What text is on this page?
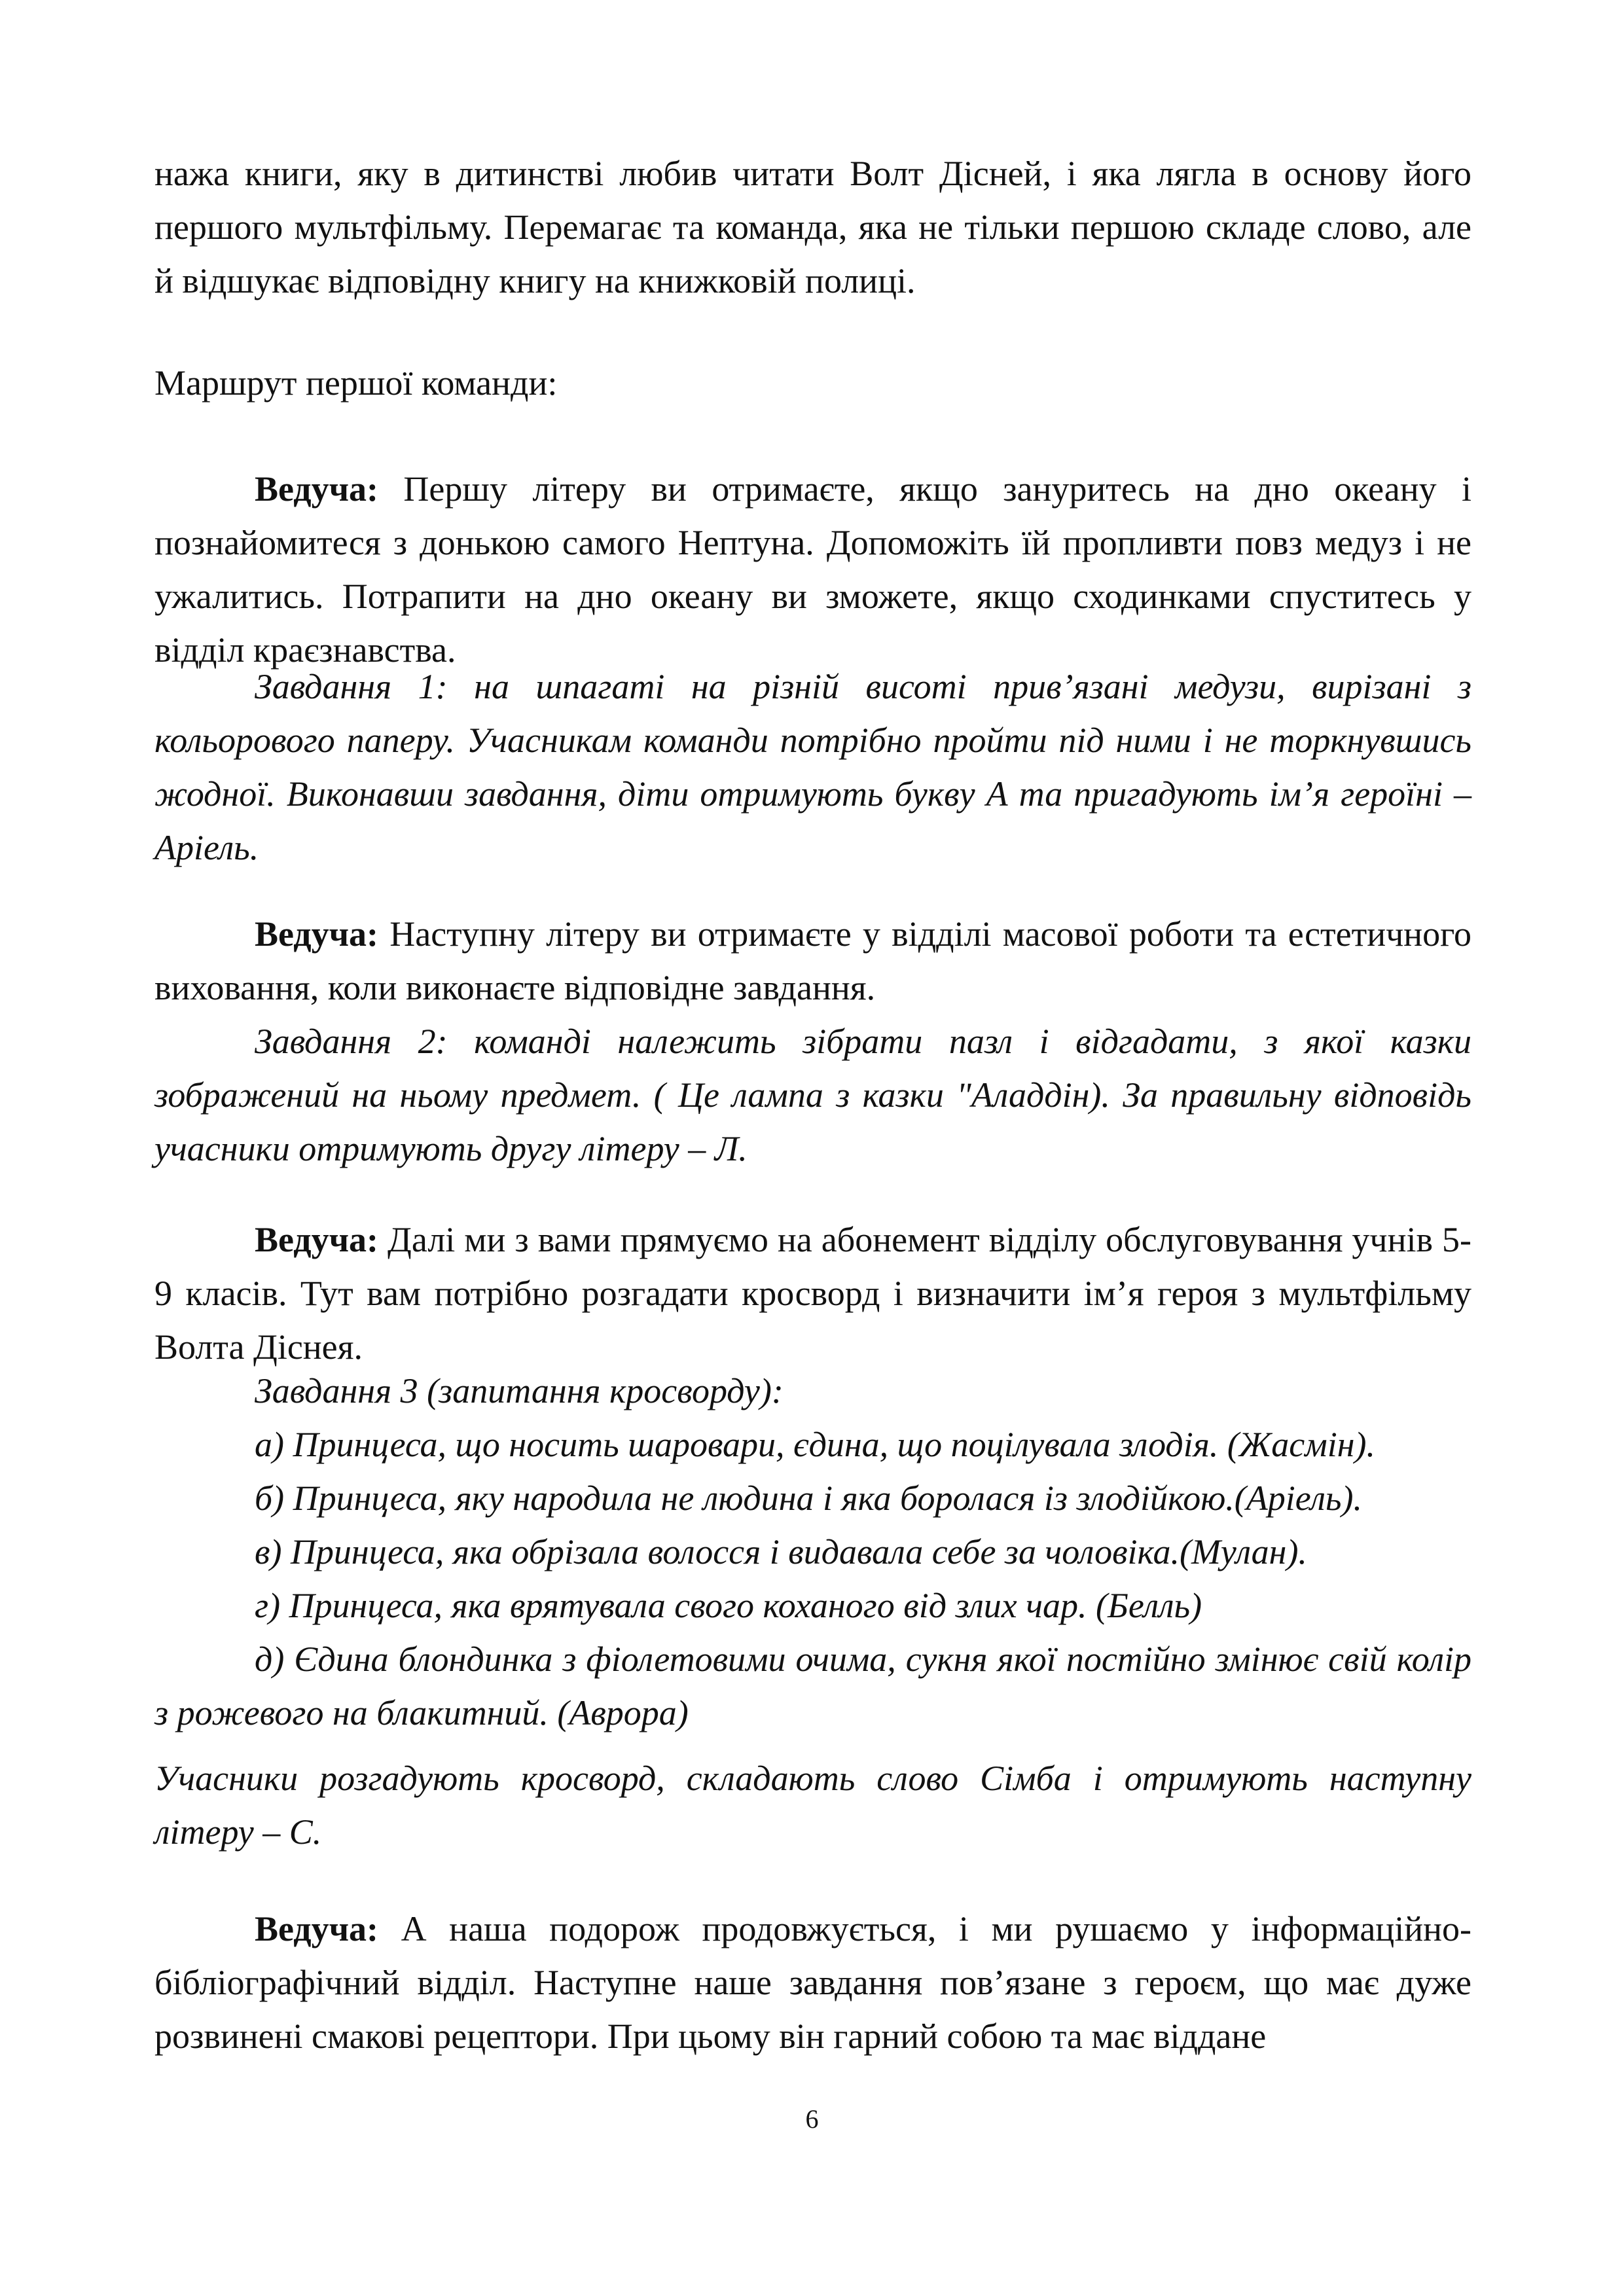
нажа книги, яку в дитинстві любив читати Волт Дісней, і яка лягла в основу його першого мультфільму. Перемагає та команда, яка не тільки першою складе слово, але й відшукає відповідну книгу на книжковій полиці.

Маршрут першої команди:

Ведуча: Першу літеру ви отримаєте, якщо зануритесь на дно океану і познайомитеся з донькою самого Нептуна. Допоможіть їй пропливти повз медуз і не ужалитись. Потрапити на дно океану ви зможете, якщо сходинками спуститесь у відділ краєзнавства.

Завдання 1: на шпагаті на різній висоті прив’язані медузи, вирізані з кольорового паперу. Учасникам команди потрібно пройти під ними і не торкнувшись жодної. Виконавши завдання, діти отримують букву А та пригадують ім’я героїні – Аріель.

Ведуча: Наступну літеру ви отримаєте у відділі масової роботи та естетичного виховання, коли виконаєте відповідне завдання.

Завдання 2: команді належить зібрати пазл і відгадати, з якої казки зображений на ньому предмет. ( Це лампа з казки "Аладдін). За правильну відповідь учасники отримують другу літеру – Л.

Ведуча: Далі ми з вами прямуємо на абонемент відділу обслуговування учнів 5-9 класів. Тут вам потрібно розгадати кросворд і визначити ім’я героя з мультфільму Волта Діснея.

Завдання 3 (запитання кросворду):

а) Принцеса, що носить шаровари, єдина, що поцілувала злодія. (Жасмін).

б) Принцеса, яку народила не людина і яка боролася із злодійкою.(Аріель).

в) Принцеса, яка обрізала волосся і видавала себе за чоловіка.(Мулан).

г) Принцеса, яка врятувала свого коханого від злих чар. (Белль)

д) Єдина блондинка з фіолетовими очима, сукня якої постійно змінює свій колір з рожевого на блакитний. (Аврора)

Учасники розгадують кросворд, складають слово Сімба і отримують наступну літеру – С.

Ведуча: А наша подорож продовжується, і ми рушаємо у інформаційно-бібліографічний відділ. Наступне наше завдання пов’язане з героєм, що має дуже розвинені смакові рецептори. При цьому він гарний собою та має віддане

6
